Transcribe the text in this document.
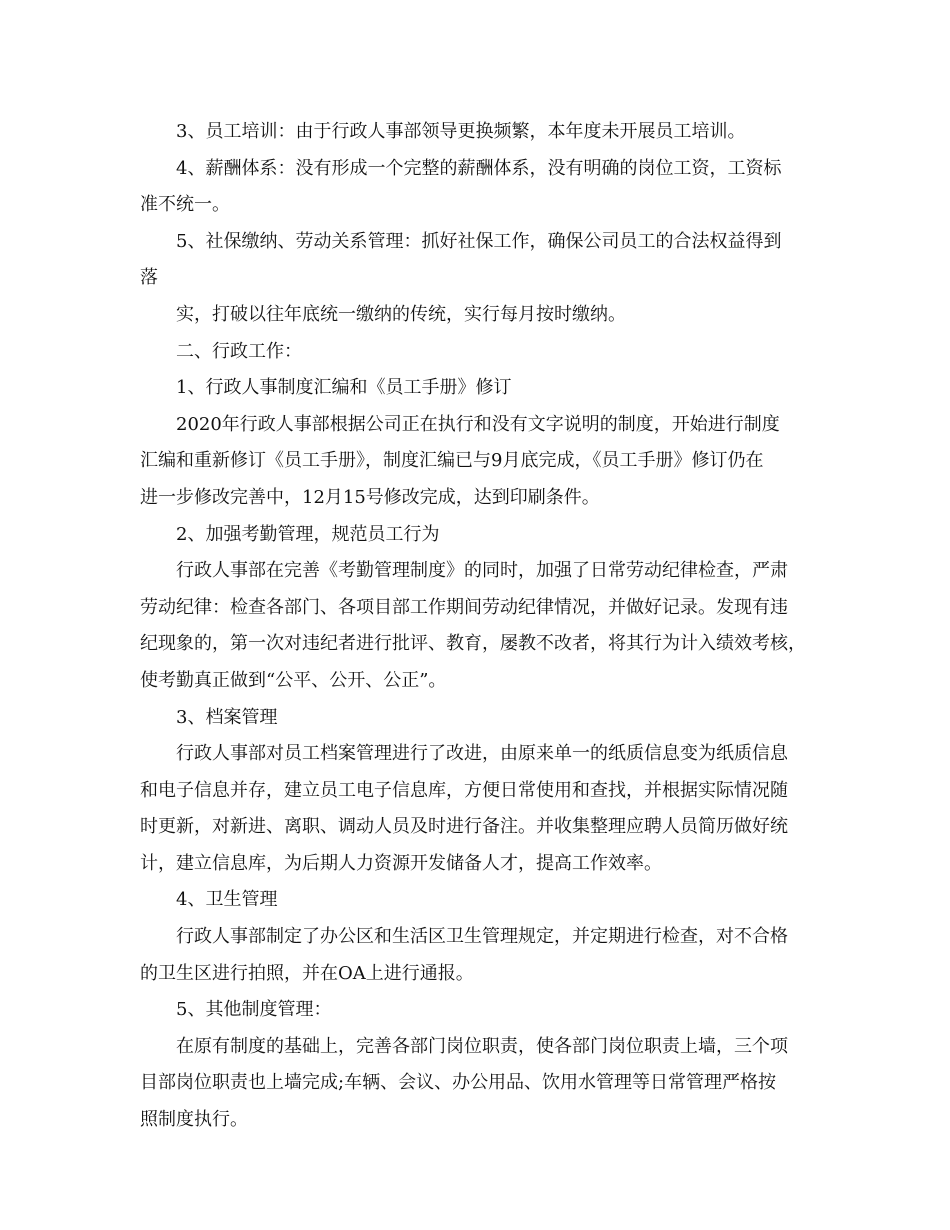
3、员工培训：由于行政人事部领导更换频繁，本年度未开展员工培训。

4、薪酬体系：没有形成一个完整的薪酬体系，没有明确的岗位工资，工资标

准不统一。

5、社保缴纳、劳动关系管理：抓好社保工作，确保公司员工的合法权益得到

落

实，打破以往年底统一缴纳的传统，实行每月按时缴纳。

二、行政工作：

1、行政人事制度汇编和《员工手册》修订

2020年行政人事部根据公司正在执行和没有文字说明的制度，开始进行制度

汇编和重新修订《员工手册》，制度汇编已与9月底完成，《员工手册》修订仍在

进一步修改完善中，12月15号修改完成，达到印刷条件。

2、加强考勤管理，规范员工行为

行政人事部在完善《考勤管理制度》的同时，加强了日常劳动纪律检查，严肃

劳动纪律：检查各部门、各项目部工作期间劳动纪律情况，并做好记录。发现有违

纪现象的，第一次对违纪者进行批评、教育，屡教不改者，将其行为计入绩效考核，

使考勤真正做到“公平、公开、公正”。

3、档案管理

行政人事部对员工档案管理进行了改进，由原来单一的纸质信息变为纸质信息

和电子信息并存，建立员工电子信息库，方便日常使用和查找，并根据实际情况随

时更新，对新进、离职、调动人员及时进行备注。并收集整理应聘人员简历做好统

计，建立信息库，为后期人力资源开发储备人才，提高工作效率。

4、卫生管理

行政人事部制定了办公区和生活区卫生管理规定，并定期进行检查，对不合格

的卫生区进行拍照，并在OA上进行通报。

5、其他制度管理：

在原有制度的基础上，完善各部门岗位职责，使各部门岗位职责上墙，三个项

目部岗位职责也上墙完成;车辆、会议、办公用品、饮用水管理等日常管理严格按

照制度执行。
